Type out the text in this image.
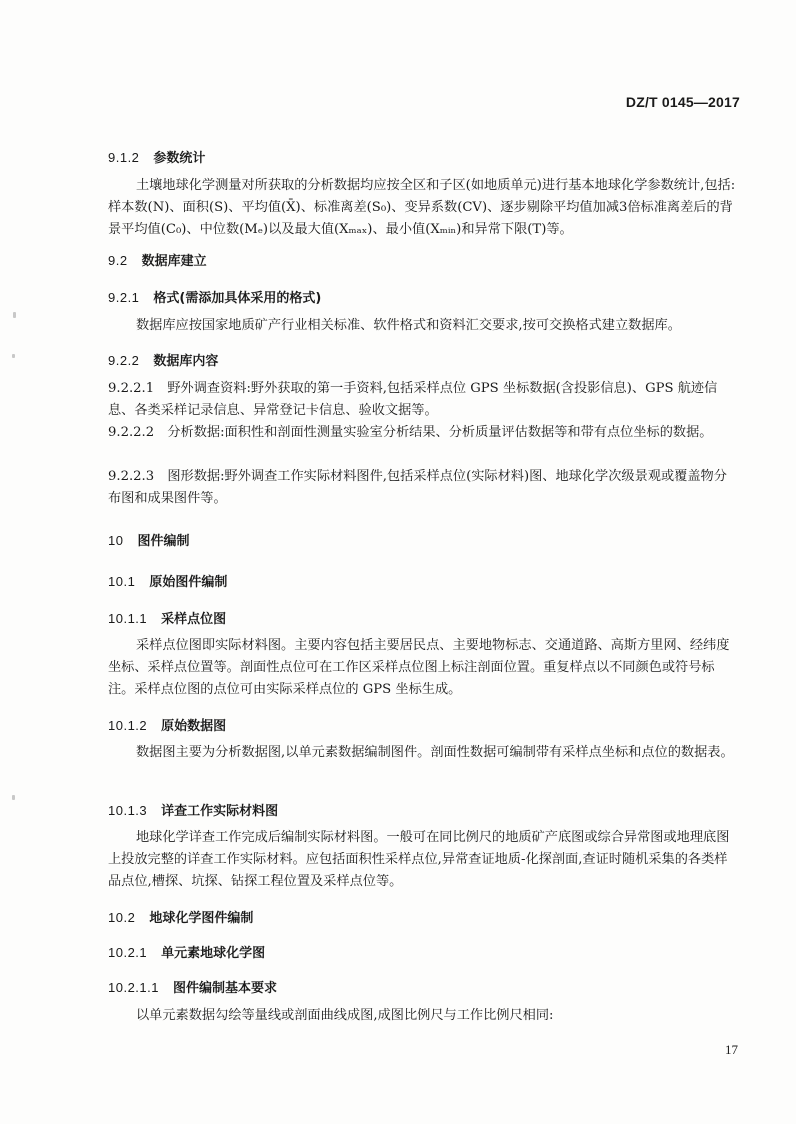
DZ/T 0145—2017
9.1.2 参数统计
土壤地球化学测量对所获取的分析数据均应按全区和子区(如地质单元)进行基本地球化学参数统计,包括:样本数(N)、面积(S)、平均值(X̄)、标准离差(S₀)、变异系数(CV)、逐步剔除平均值加减3倍标准离差后的背景平均值(C₀)、中位数(Mₑ)以及最大值(Xₘₐₓ)、最小值(Xₘᵢₙ)和异常下限(T)等。
9.2 数据库建立
9.2.1 格式(需添加具体采用的格式)
数据库应按国家地质矿产行业相关标准、软件格式和资料汇交要求,按可交换格式建立数据库。
9.2.2 数据库内容
9.2.2.1　野外调查资料:野外获取的第一手资料,包括采样点位 GPS 坐标数据(含投影信息)、GPS 航迹信息、各类采样记录信息、异常登记卡信息、验收文据等。
9.2.2.2　分析数据:面积性和剖面性测量实验室分析结果、分析质量评估数据等和带有点位坐标的数据。
9.2.2.3　图形数据:野外调查工作实际材料图件,包括采样点位(实际材料)图、地球化学次级景观或覆盖物分布图和成果图件等。
10 图件编制
10.1 原始图件编制
10.1.1 采样点位图
采样点位图即实际材料图。主要内容包括主要居民点、主要地物标志、交通道路、高斯方里网、经纬度坐标、采样点位置等。剖面性点位可在工作区采样点位图上标注剖面位置。重复样点以不同颜色或符号标注。采样点位图的点位可由实际采样点位的 GPS 坐标生成。
10.1.2 原始数据图
数据图主要为分析数据图,以单元素数据编制图件。剖面性数据可编制带有采样点坐标和点位的数据表。
10.1.3 详查工作实际材料图
地球化学详查工作完成后编制实际材料图。一般可在同比例尺的地质矿产底图或综合异常图或地理底图上投放完整的详查工作实际材料。应包括面积性采样点位,异常查证地质-化探剖面,查证时随机采集的各类样品点位,槽探、坑探、钻探工程位置及采样点位等。
10.2 地球化学图件编制
10.2.1 单元素地球化学图
10.2.1.1 图件编制基本要求
以单元素数据勾绘等量线或剖面曲线成图,成图比例尺与工作比例尺相同:
17
